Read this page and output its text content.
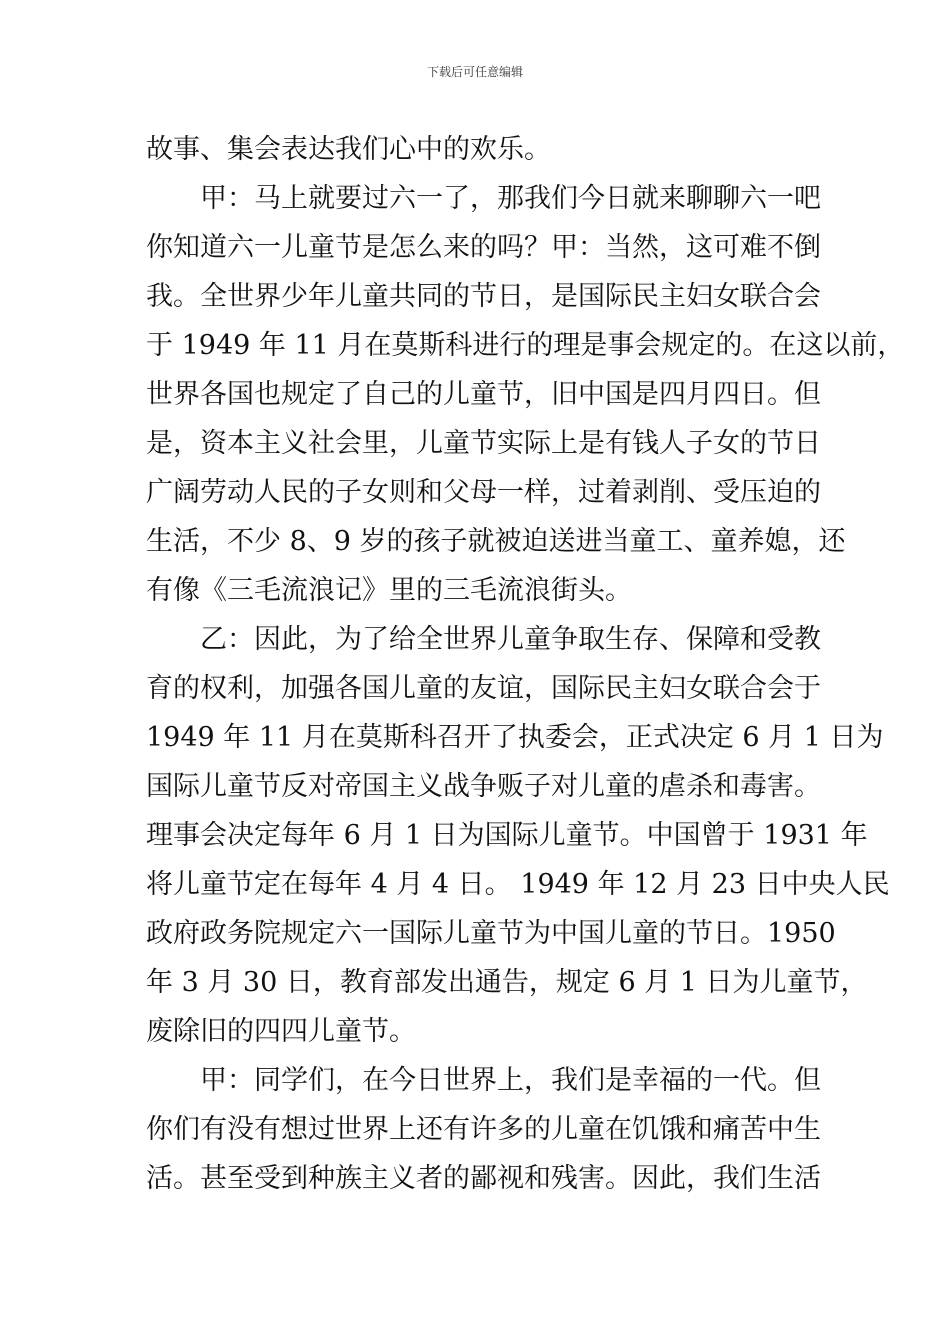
下载后可任意编辑
故事、集会表达我们心中的欢乐。
甲：马上就要过六一了，那我们今日就来聊聊六一吧
你知道六一儿童节是怎么来的吗？甲：当然，这可难不倒
我。全世界少年儿童共同的节日，是国际民主妇女联合会
于 1949 年 11 月在莫斯科进行的理是事会规定的。在这以前，
世界各国也规定了自己的儿童节，旧中国是四月四日。但
是，资本主义社会里，儿童节实际上是有钱人子女的节日
广阔劳动人民的子女则和父母一样，过着剥削、受压迫的
生活，不少 8、9 岁的孩子就被迫送进当童工、童养媳，还
有像《三毛流浪记》里的三毛流浪街头。
乙：因此，为了给全世界儿童争取生存、保障和受教
育的权利，加强各国儿童的友谊，国际民主妇女联合会于
1949 年 11 月在莫斯科召开了执委会，正式决定 6 月 1 日为
国际儿童节反对帝国主义战争贩子对儿童的虐杀和毒害。
理事会决定每年 6 月 1 日为国际儿童节。中国曾于 1931 年
将儿童节定在每年 4 月 4 日。 1949 年 12 月 23 日中央人民
政府政务院规定六一国际儿童节为中国儿童的节日。1950
年 3 月 30 日，教育部发出通告，规定 6 月 1 日为儿童节，
废除旧的四四儿童节。
甲：同学们，在今日世界上，我们是幸福的一代。但
你们有没有想过世界上还有许多的儿童在饥饿和痛苦中生
活。甚至受到种族主义者的鄙视和残害。因此，我们生活
